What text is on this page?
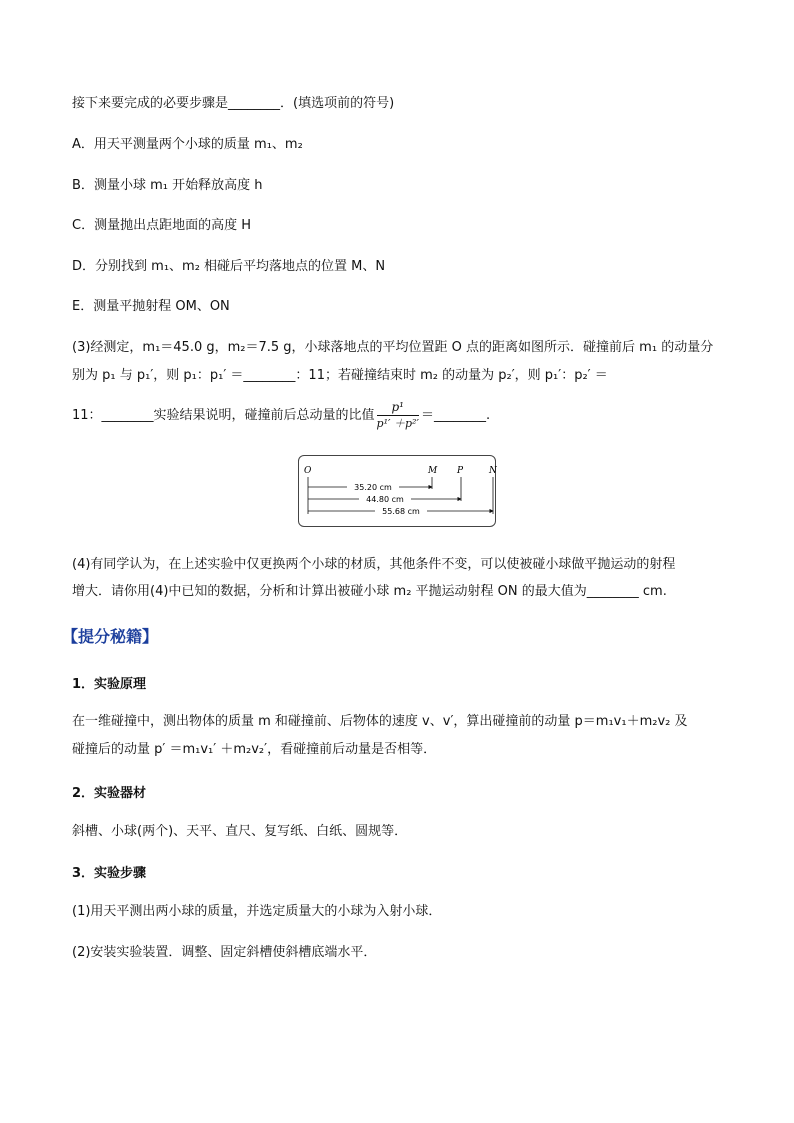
接下来要完成的必要步骤是________．(填选项前的符号)
A．用天平测量两个小球的质量 m₁、m₂
B．测量小球 m₁ 开始释放高度 h
C．测量抛出点距地面的高度 H
D．分别找到 m₁、m₂ 相碰后平均落地点的位置 M、N
E．测量平抛射程 OM、ON
(3)经测定，m₁＝45.0 g，m₂＝7.5 g，小球落地点的平均位置距 O 点的距离如图所示．碰撞前后 m₁ 的动量分
别为 p₁ 与 p₁′，则 p₁：p₁′ ＝________：11；若碰撞结束时 m₂ 的动量为 p₂′，则 p₁′：p₂′ ＝
11：________实验结果说明，碰撞前后总动量的比值 $\frac{\text{p¹}}{\text{p¹′ ＋p²′}}$ ＝________.
O	M P	N
35.20 cm
44.80 cm
55.68 cm
(4)有同学认为，在上述实验中仅更换两个小球的材质，其他条件不变，可以使被碰小球做平抛运动的射程
增大．请你用(4)中已知的数据，分析和计算出被碰小球 m₂ 平抛运动射程 ON 的最大值为________ cm.
【提分秘籍】
1．实验原理
在一维碰撞中，测出物体的质量 m 和碰撞前、后物体的速度 v、v′，算出碰撞前的动量 p＝m₁v₁＋m₂v₂ 及
碰撞后的动量 p′ ＝m₁v₁′ ＋m₂v₂′，看碰撞前后动量是否相等．
2．实验器材
斜槽、小球(两个)、天平、直尺、复写纸、白纸、圆规等．
3．实验步骤
(1)用天平测出两小球的质量，并选定质量大的小球为入射小球．
(2)安装实验装置．调整、固定斜槽使斜槽底端水平．
